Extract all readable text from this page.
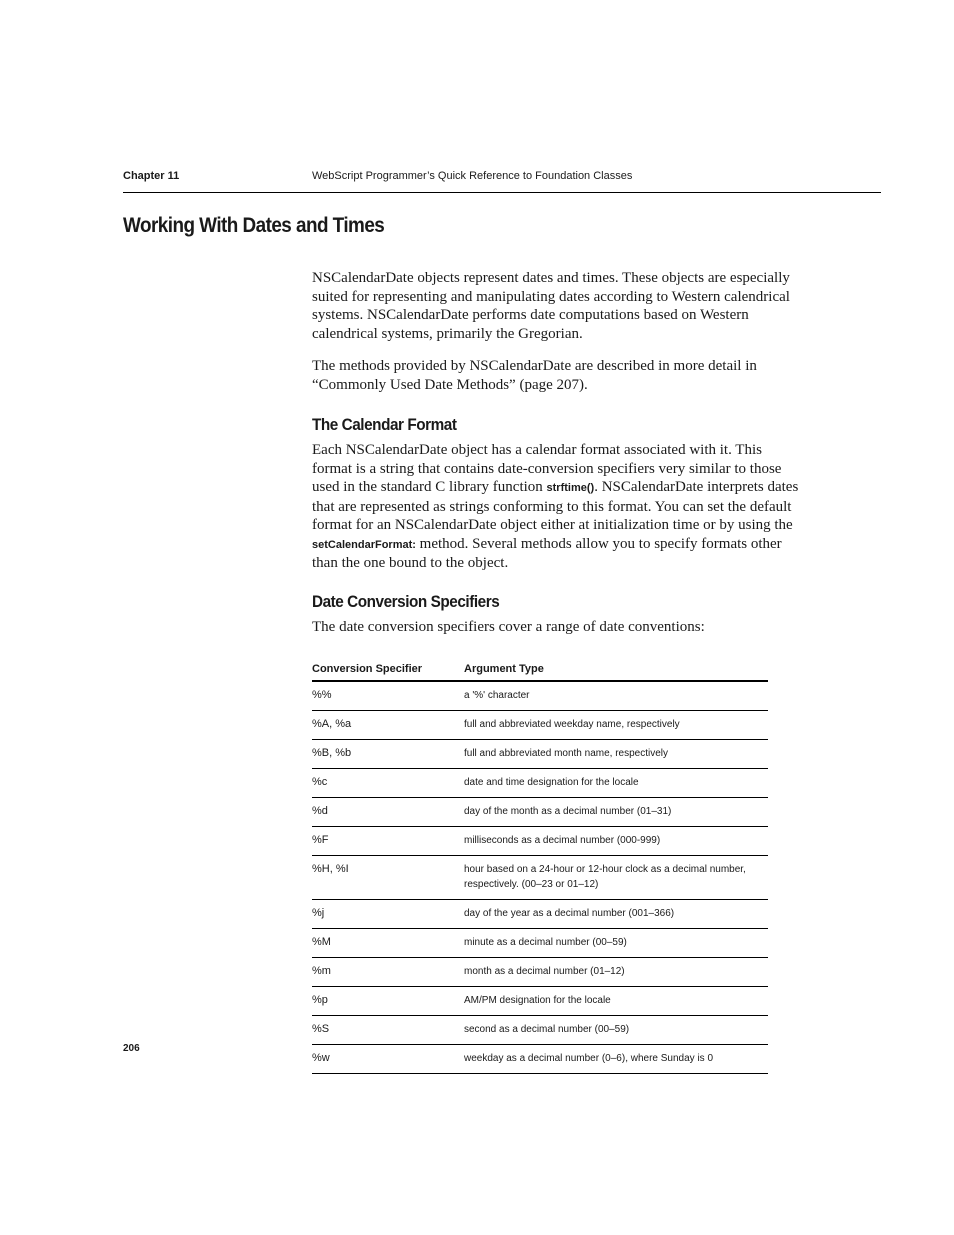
Chapter 11	WebScript Programmer’s Quick Reference to Foundation Classes
Working With Dates and Times

NSCalendarDate objects represent dates and times. These objects are especially suited for representing and manipulating dates according to Western calendrical systems. NSCalendarDate performs date computations based on Western calendrical systems, primarily the Gregorian.

The methods provided by NSCalendarDate are described in more detail in “Commonly Used Date Methods” (page 207).

The Calendar Format

Each NSCalendarDate object has a calendar format associated with it. This format is a string that contains date-conversion specifiers very similar to those used in the standard C library function strftime(). NSCalendarDate interprets dates that are represented as strings conforming to this format. You can set the default format for an NSCalendarDate object either at initialization time or by using the setCalendarFormat: method. Several methods allow you to specify formats other than the one bound to the object.

Date Conversion Specifiers

The date conversion specifiers cover a range of date conventions:

Conversion Specifier	Argument Type
%%	a '%' character
%A, %a	full and abbreviated weekday name, respectively
%B, %b	full and abbreviated month name, respectively
%c	date and time designation for the locale
%d	day of the month as a decimal number (01–31)
%F	milliseconds as a decimal number (000-999)
%H, %I	hour based on a 24-hour or 12-hour clock as a decimal number, respectively. (00–23 or 01–12)
%j	day of the year as a decimal number (001–366)
%M	minute as a decimal number (00–59)
%m	month as a decimal number (01–12)
%p	AM/PM designation for the locale
%S	second as a decimal number (00–59)
%w	weekday as a decimal number (0–6), where Sunday is 0
206
